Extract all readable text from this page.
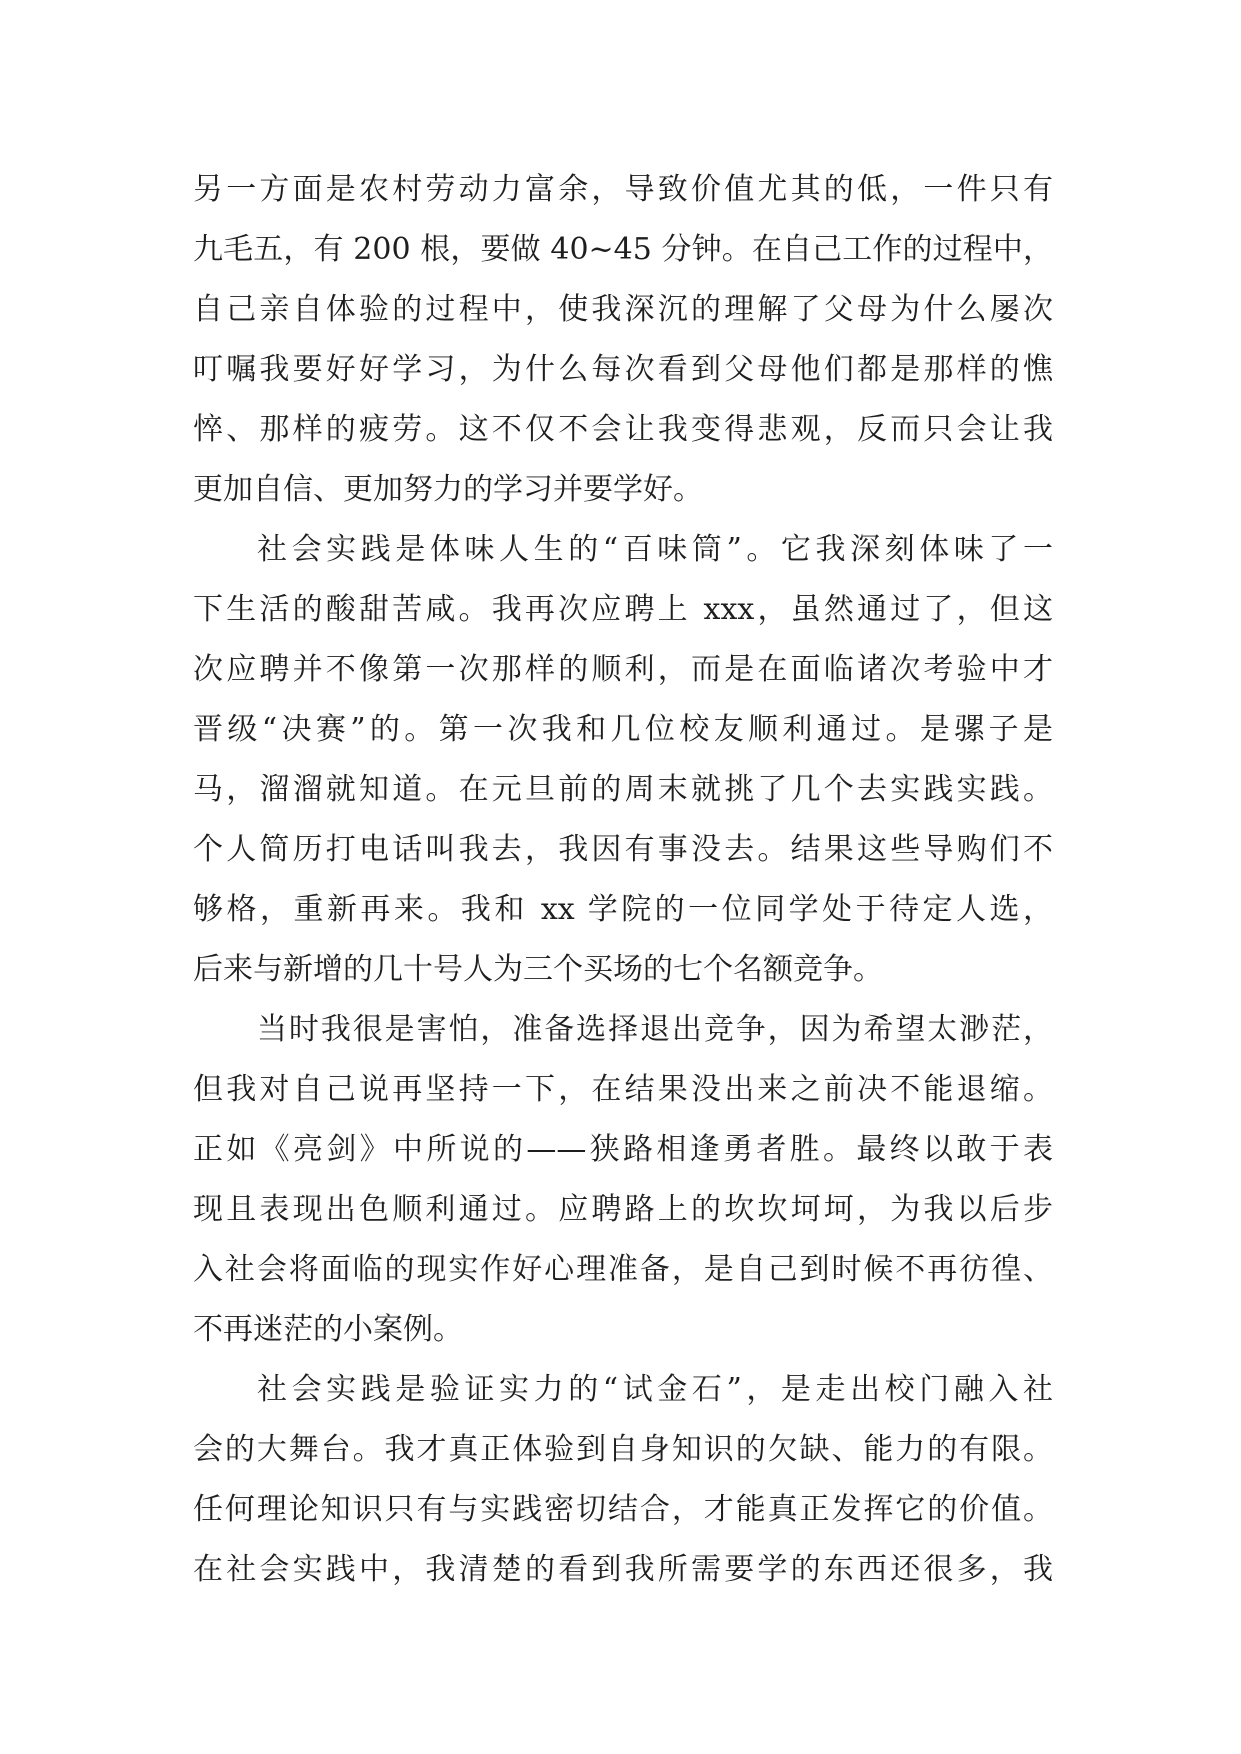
另一方面是农村劳动力富余，导致价值尤其的低，一件只有
九毛五，有 200 根，要做 40~45 分钟。在自己工作的过程中，
自己亲自体验的过程中，使我深沉的理解了父母为什么屡次
叮嘱我要好好学习，为什么每次看到父母他们都是那样的憔
悴、那样的疲劳。这不仅不会让我变得悲观，反而只会让我
更加自信、更加努力的学习并要学好。
社会实践是体味人生的“百味筒”。它我深刻体味了一
下生活的酸甜苦咸。我再次应聘上 xxx，虽然通过了，但这
次应聘并不像第一次那样的顺利，而是在面临诸次考验中才
晋级“决赛”的。第一次我和几位校友顺利通过。是骡子是
马，溜溜就知道。在元旦前的周末就挑了几个去实践实践。
个人简历打电话叫我去，我因有事没去。结果这些导购们不
够格，重新再来。我和 xx 学院的一位同学处于待定人选，
后来与新增的几十号人为三个买场的七个名额竞争。
当时我很是害怕，准备选择退出竞争，因为希望太渺茫，
但我对自己说再坚持一下，在结果没出来之前决不能退缩。
正如《亮剑》中所说的——狭路相逢勇者胜。最终以敢于表
现且表现出色顺利通过。应聘路上的坎坎坷坷，为我以后步
入社会将面临的现实作好心理准备，是自己到时候不再彷徨、
不再迷茫的小案例。
社会实践是验证实力的“试金石”，是走出校门融入社
会的大舞台。我才真正体验到自身知识的欠缺、能力的有限。
任何理论知识只有与实践密切结合，才能真正发挥它的价值。
在社会实践中，我清楚的看到我所需要学的东西还很多，我
